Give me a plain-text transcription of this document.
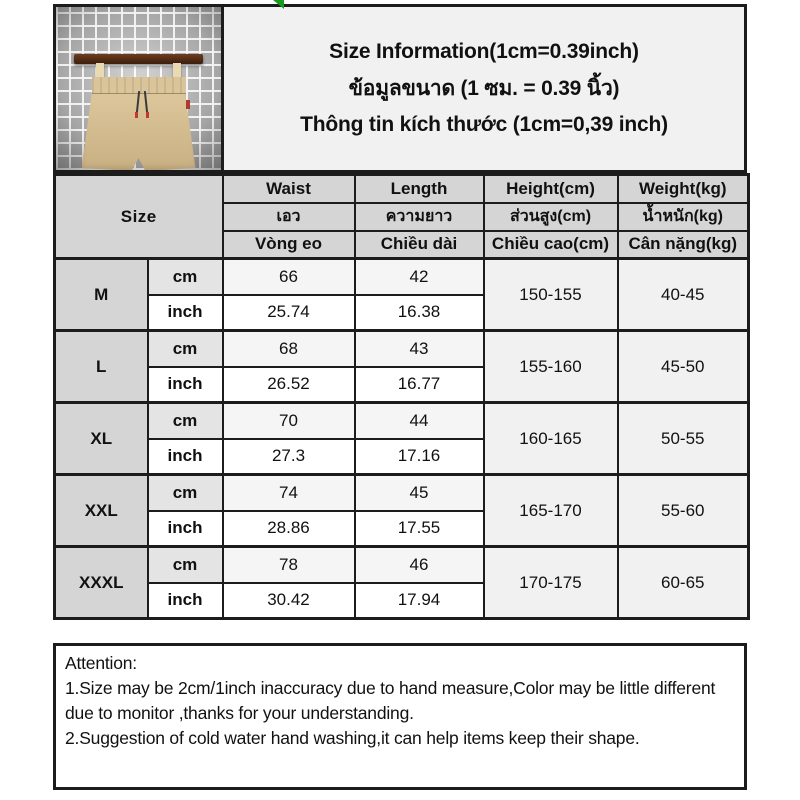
Size Information(1cm=0.39inch)
ข้อมูลขนาด (1 ซม. = 0.39 นิ้ว)
Thông tin kích thước (1cm=0,39 inch)
Size		Waist	Length	Height(cm)	Weight(kg)
		เอว	ความยาว	ส่วนสูง(cm)	น้ำหนัก(kg)
		Vòng eo	Chiều dài	Chiều cao(cm)	Cân nặng(kg)
M	cm	66	42	150-155	40-45
	inch	25.74	16.38		
L	cm	68	43	155-160	45-50
	inch	26.52	16.77		
XL	cm	70	44	160-165	50-55
	inch	27.3	17.16		
XXL	cm	74	45	165-170	55-60
	inch	28.86	17.55		
XXXL	cm	78	46	170-175	60-65
	inch	30.42	17.94		
Attention:
1.Size may be 2cm/1inch inaccuracy due to hand measure,Color may be little different due to monitor ,thanks for your understanding.
2.Suggestion of cold water hand washing,it can help items keep their shape.
